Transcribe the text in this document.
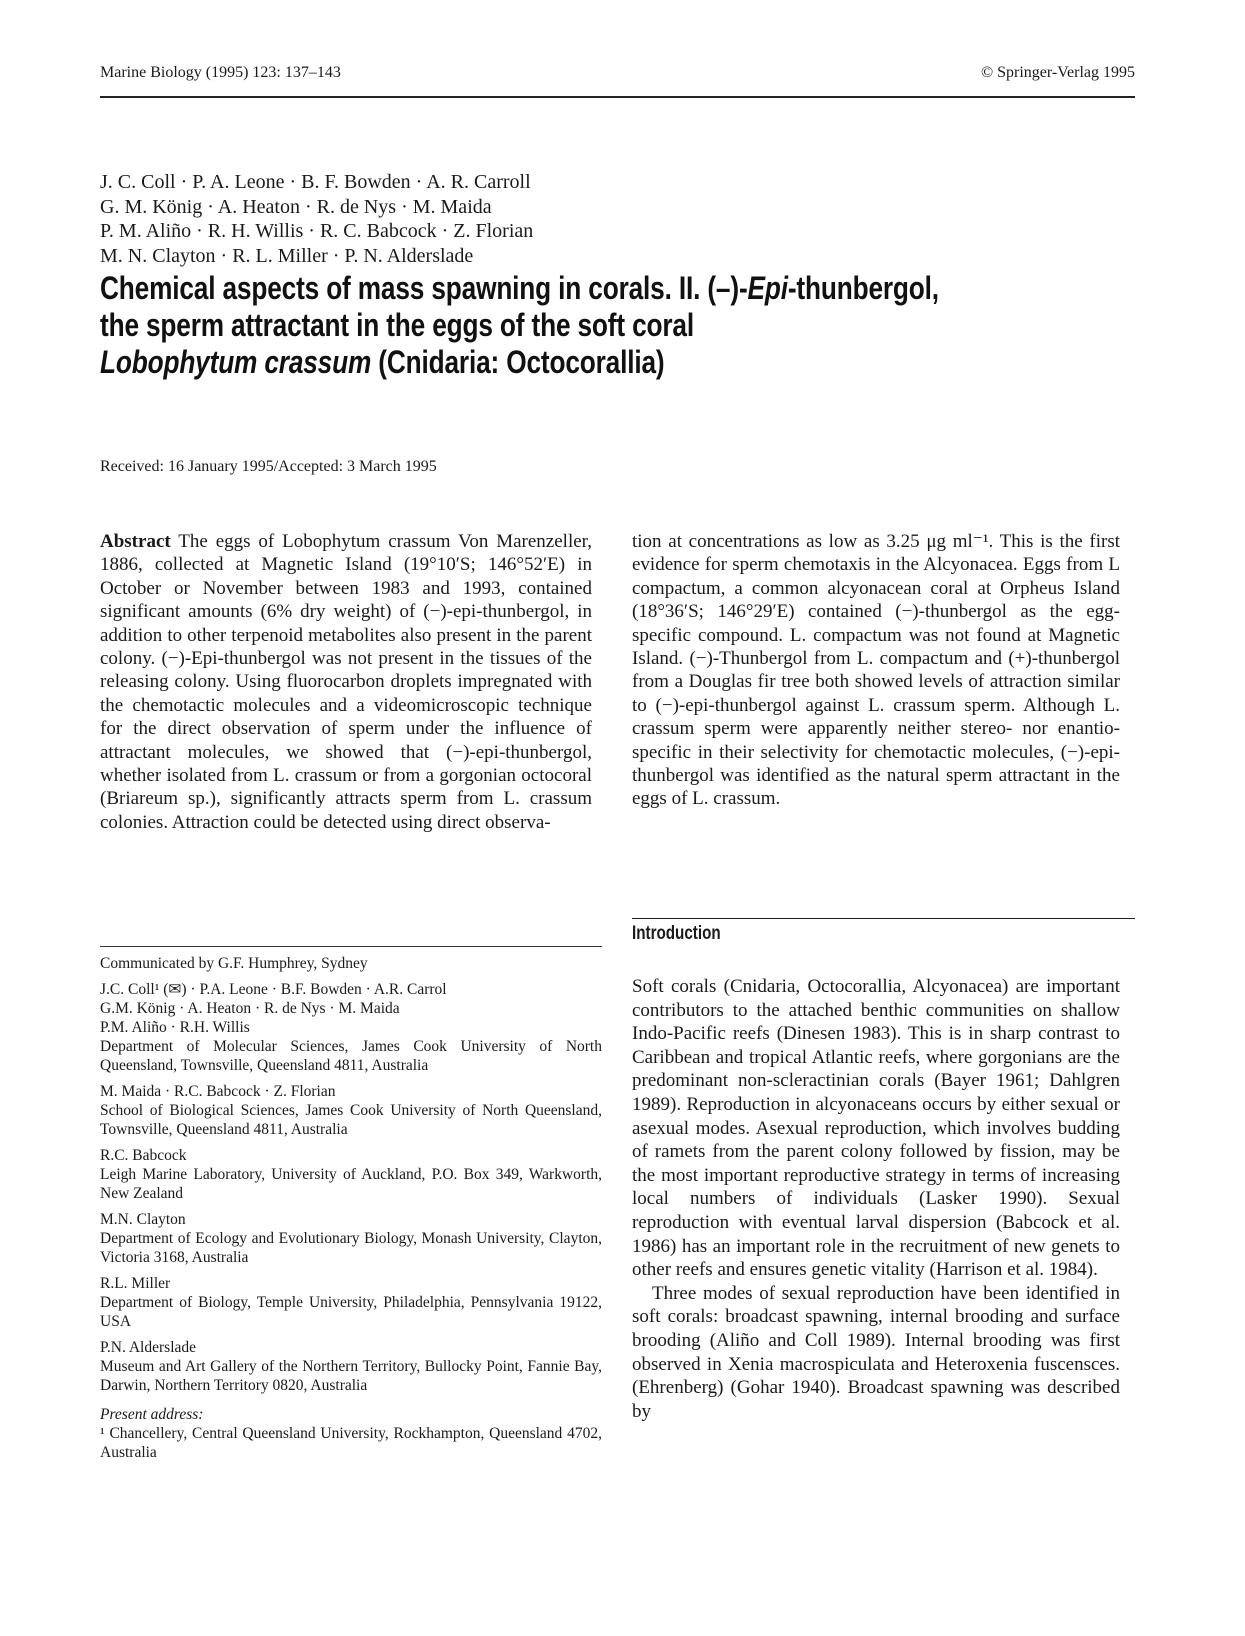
Marine Biology (1995) 123: 137–143	© Springer-Verlag 1995
J. C. Coll · P. A. Leone · B. F. Bowden · A. R. Carroll
G. M. König · A. Heaton · R. de Nys · M. Maida
P. M. Aliño · R. H. Willis · R. C. Babcock · Z. Florian
M. N. Clayton · R. L. Miller · P. N. Alderslade
Chemical aspects of mass spawning in corals. II. (–)-Epi-thunbergol,
the sperm attractant in the eggs of the soft coral
Lobophytum crassum (Cnidaria: Octocorallia)
Received: 16 January 1995/Accepted: 3 March 1995

Abstract The eggs of Lobophytum crassum Von Marenzeller, 1886, collected at Magnetic Island (19°10′S; 146°52′E) in October or November between 1983 and 1993, contained significant amounts (6% dry weight) of (−)-epi-thunbergol, in addition to other terpenoid metabolites also present in the parent colony. (−)-Epi-thunbergol was not present in the tissues of the releasing colony. Using fluorocarbon droplets impregnated with the chemotactic molecules and a videomicroscopic technique for the direct observation of sperm under the influence of attractant molecules, we showed that (−)-epi-thunbergol, whether isolated from L. crassum or from a gorgonian octocoral (Briareum sp.), significantly attracts sperm from L. crassum colonies. Attraction could be detected using direct observa-

tion at concentrations as low as 3.25 μg ml⁻¹. This is the first evidence for sperm chemotaxis in the Alcyonacea. Eggs from L compactum, a common alcyonacean coral at Orpheus Island (18°36′S; 146°29′E) contained (−)-thunbergol as the egg-specific compound. L. compactum was not found at Magnetic Island. (−)-Thunbergol from L. compactum and (+)-thunbergol from a Douglas fir tree both showed levels of attraction similar to (−)-epi-thunbergol against L. crassum sperm. Although L. crassum sperm were apparently neither stereo- nor enantio-specific in their selectivity for chemotactic molecules, (−)-epi-thunbergol was identified as the natural sperm attractant in the eggs of L. crassum.

Introduction

Soft corals (Cnidaria, Octocorallia, Alcyonacea) are important contributors to the attached benthic communities on shallow Indo-Pacific reefs (Dinesen 1983). This is in sharp contrast to Caribbean and tropical Atlantic reefs, where gorgonians are the predominant non-scleractinian corals (Bayer 1961; Dahlgren 1989). Reproduction in alcyonaceans occurs by either sexual or asexual modes. Asexual reproduction, which involves budding of ramets from the parent colony followed by fission, may be the most important reproductive strategy in terms of increasing local numbers of individuals (Lasker 1990). Sexual reproduction with eventual larval dispersion (Babcock et al. 1986) has an important role in the recruitment of new genets to other reefs and ensures genetic vitality (Harrison et al. 1984).

Three modes of sexual reproduction have been identified in soft corals: broadcast spawning, internal brooding and surface brooding (Aliño and Coll 1989). Internal brooding was first observed in Xenia macrospiculata and Heteroxenia fuscensces. (Ehrenberg) (Gohar 1940). Broadcast spawning was described by

Communicated by G.F. Humphrey, Sydney
J.C. Coll¹ (✉) · P.A. Leone · B.F. Bowden · A.R. Carrol
G.M. König · A. Heaton · R. de Nys · M. Maida
P.M. Aliño · R.H. Willis
Department of Molecular Sciences, James Cook University of North Queensland, Townsville, Queensland 4811, Australia
M. Maida · R.C. Babcock · Z. Florian
School of Biological Sciences, James Cook University of North Queensland, Townsville, Queensland 4811, Australia
R.C. Babcock
Leigh Marine Laboratory, University of Auckland, P.O. Box 349, Warkworth, New Zealand
M.N. Clayton
Department of Ecology and Evolutionary Biology, Monash University, Clayton, Victoria 3168, Australia
R.L. Miller
Department of Biology, Temple University, Philadelphia, Pennsylvania 19122, USA
P.N. Alderslade
Museum and Art Gallery of the Northern Territory, Bullocky Point, Fannie Bay, Darwin, Northern Territory 0820, Australia
Present address:
¹ Chancellery, Central Queensland University, Rockhampton, Queensland 4702, Australia
